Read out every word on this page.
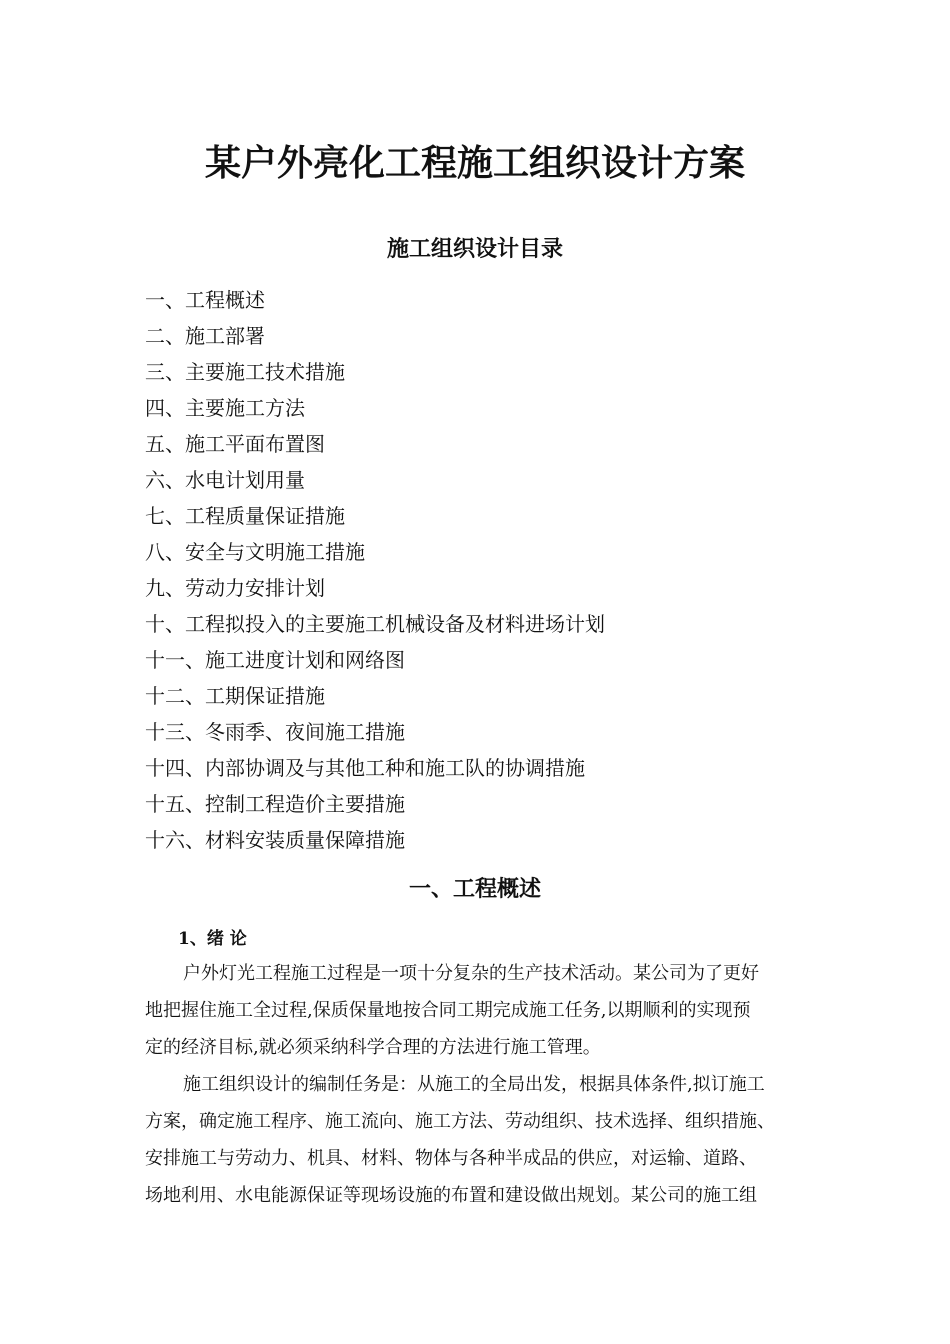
某户外亮化工程施工组织设计方案
施工组织设计目录
一、工程概述
二、施工部署
三、主要施工技术措施
四、主要施工方法
五、施工平面布置图
六、水电计划用量
七、工程质量保证措施
八、安全与文明施工措施
九、劳动力安排计划
十、工程拟投入的主要施工机械设备及材料进场计划
十一、施工进度计划和网络图
十二、工期保证措施
十三、冬雨季、夜间施工措施
十四、内部协调及与其他工种和施工队的协调措施
十五、控制工程造价主要措施
十六、材料安装质量保障措施
一、工程概述
1、绪 论

户外灯光工程施工过程是一项十分复杂的生产技术活动。某公司为了更好
地把握住施工全过程,保质保量地按合同工期完成施工任务,以期顺利的实现预
定的经济目标,就必须采纳科学合理的方法进行施工管理。

施工组织设计的编制任务是：从施工的全局出发，根据具体条件,拟订施工
方案，确定施工程序、施工流向、施工方法、劳动组织、技术选择、组织措施、
安排施工与劳动力、机具、材料、物体与各种半成品的供应，对运输、道路、
场地利用、水电能源保证等现场设施的布置和建设做出规划。某公司的施工组
